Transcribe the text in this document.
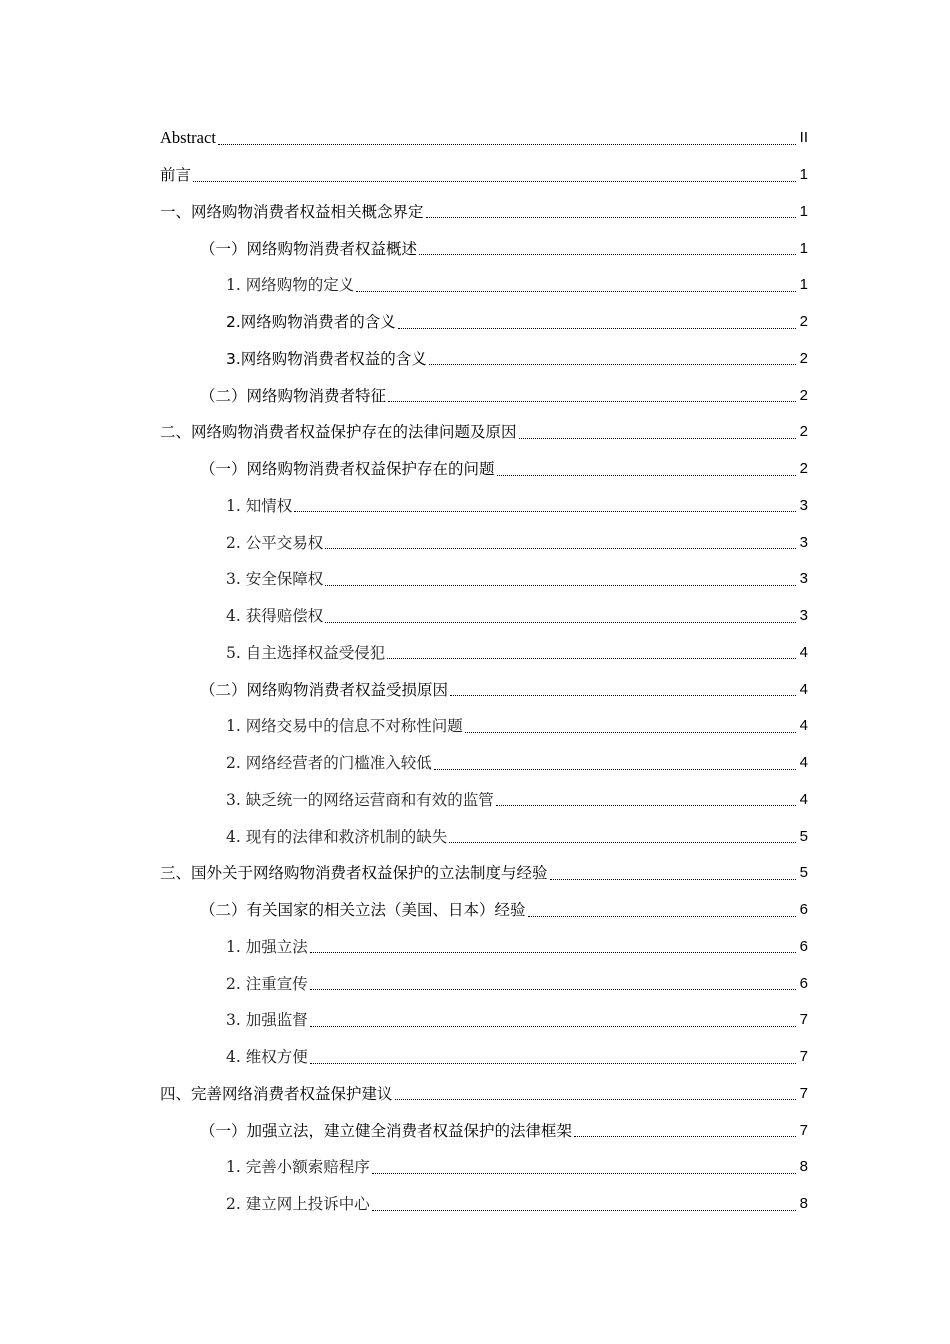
Abstract	II
前言	1
一、网络购物消费者权益相关概念界定	1
（一）网络购物消费者权益概述	1
1. 网络购物的定义	1
2.网络购物消费者的含义	2
3.网络购物消费者权益的含义	2
（二）网络购物消费者特征	2
二、网络购物消费者权益保护存在的法律问题及原因	2
（一）网络购物消费者权益保护存在的问题	2
1. 知情权	3
2. 公平交易权	3
3. 安全保障权	3
4. 获得赔偿权	3
5. 自主选择权益受侵犯	4
（二）网络购物消费者权益受损原因	4
1. 网络交易中的信息不对称性问题	4
2. 网络经营者的门槛准入较低	4
3. 缺乏统一的网络运营商和有效的监管	4
4. 现有的法律和救济机制的缺失	5
三、国外关于网络购物消费者权益保护的立法制度与经验	5
（二）有关国家的相关立法（美国、日本）经验	6
1. 加强立法	6
2. 注重宣传	6
3. 加强监督	7
4. 维权方便	7
四、完善网络消费者权益保护建议	7
（一）加强立法，建立健全消费者权益保护的法律框架	7
1. 完善小额索赔程序	8
2. 建立网上投诉中心	8
